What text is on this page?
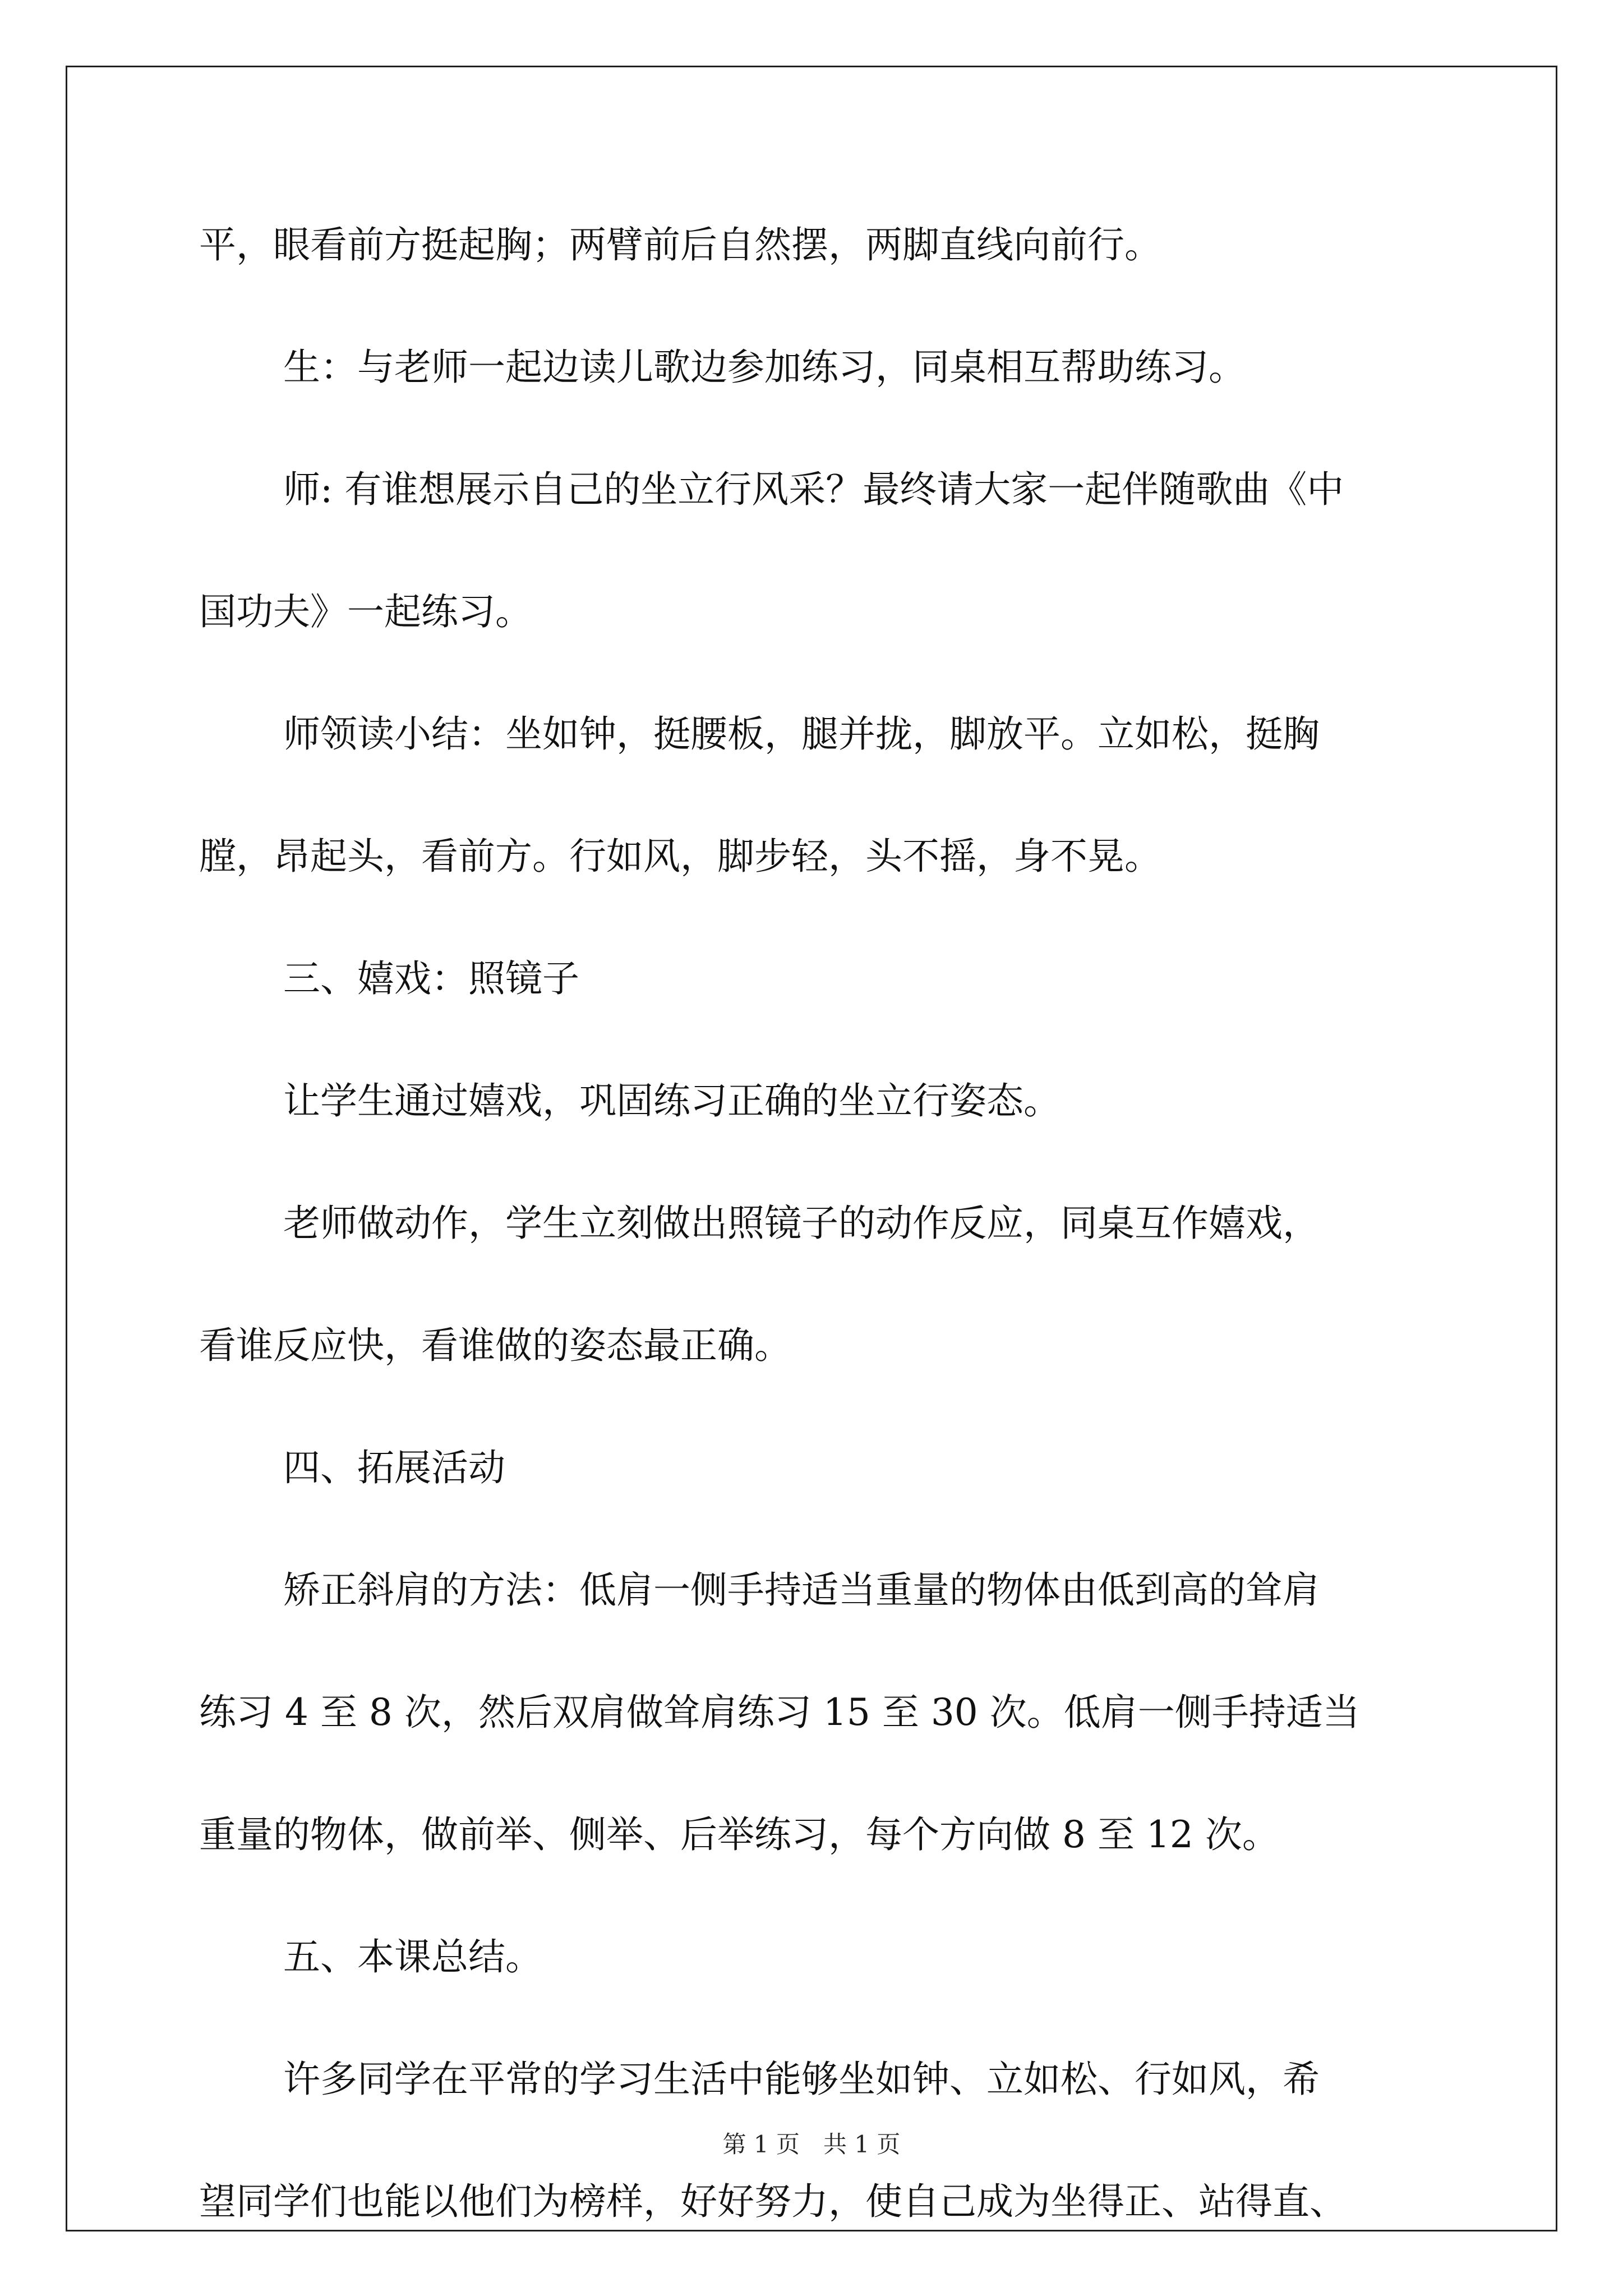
平，眼看前方挺起胸；两臂前后自然摆，两脚直线向前行。
生：与老师一起边读儿歌边参加练习，同桌相互帮助练习。
师: 有谁想展示自己的坐立行风采？最终请大家一起伴随歌曲《中
国功夫》一起练习。
师领读小结：坐如钟，挺腰板，腿并拢，脚放平。立如松，挺胸
膛，昂起头，看前方。行如风，脚步轻，头不摇，身不晃。
三、嬉戏：照镜子
让学生通过嬉戏，巩固练习正确的坐立行姿态。
老师做动作，学生立刻做出照镜子的动作反应，同桌互作嬉戏，
看谁反应快，看谁做的姿态最正确。
四、拓展活动
矫正斜肩的方法：低肩一侧手持适当重量的物体由低到高的耸肩
练习 4 至 8 次，然后双肩做耸肩练习 15 至 30 次。低肩一侧手持适当
重量的物体，做前举、侧举、后举练习，每个方向做 8 至 12 次。
五、本课总结。
许多同学在平常的学习生活中能够坐如钟、立如松、行如风，希
望同学们也能以他们为榜样，好好努力，使自己成为坐得正、站得直、
第 1 页　共 1 页
